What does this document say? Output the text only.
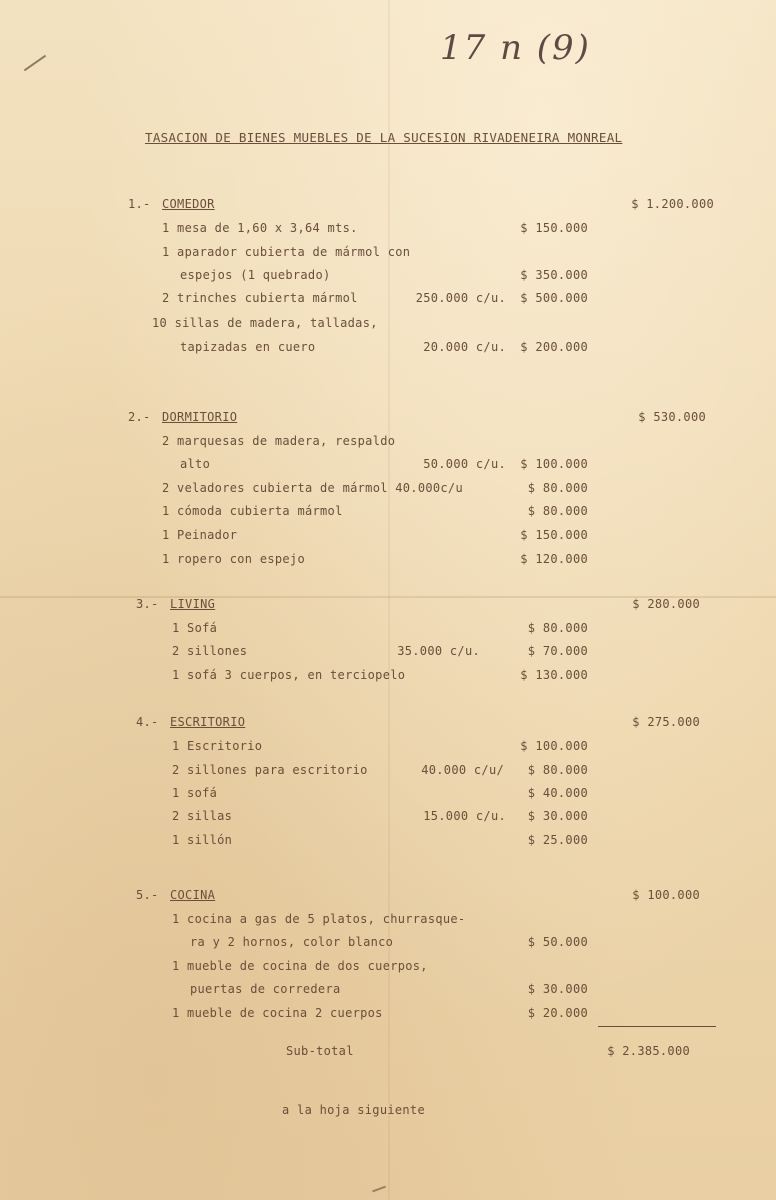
17 n (9)
TASACION DE BIENES MUEBLES DE LA SUCESION RIVADENEIRA MONREAL
1.- COMEDOR	$ 1.200.000
1 mesa de 1,60 x 3,64 mts.	$ 150.000
1 aparador cubierta de mármol con
espejos (1 quebrado)	$ 350.000
2 trinches cubierta mármol	250.000 c/u. $ 500.000
10 sillas de madera, talladas,
tapizadas en cuero	20.000 c/u. $ 200.000
2.- DORMITORIO	$ 530.000
2 marquesas de madera, respaldo
alto	50.000 c/u. $ 100.000
2 veladores cubierta de mármol 40.000c/u	$ 80.000
1 cómoda cubierta mármol	$ 80.000
1 Peinador	$ 150.000
1 ropero con espejo	$ 120.000
3.- LIVING	$ 280.000
1 Sofá	$ 80.000
2 sillones	35.000 c/u.	$ 70.000
1 sofá 3 cuerpos, en terciopelo	$ 130.000
4.- ESCRITORIO	$ 275.000
1 Escritorio	$ 100.000
2 sillones para escritorio	40.000 c/u/ $ 80.000
1 sofá	$ 40.000
2 sillas	15.000 c/u. $ 30.000
1 sillón	$ 25.000
5.- COCINA	$ 100.000
1 cocina a gas de 5 platos, churrasque-
ra y 2 hornos, color blanco	$ 50.000
1 mueble de cocina de dos cuerpos,
puertas de corredera	$ 30.000
1 mueble de cocina 2 cuerpos	$ 20.000
Sub-total	$ 2.385.000
a la hoja siguiente
